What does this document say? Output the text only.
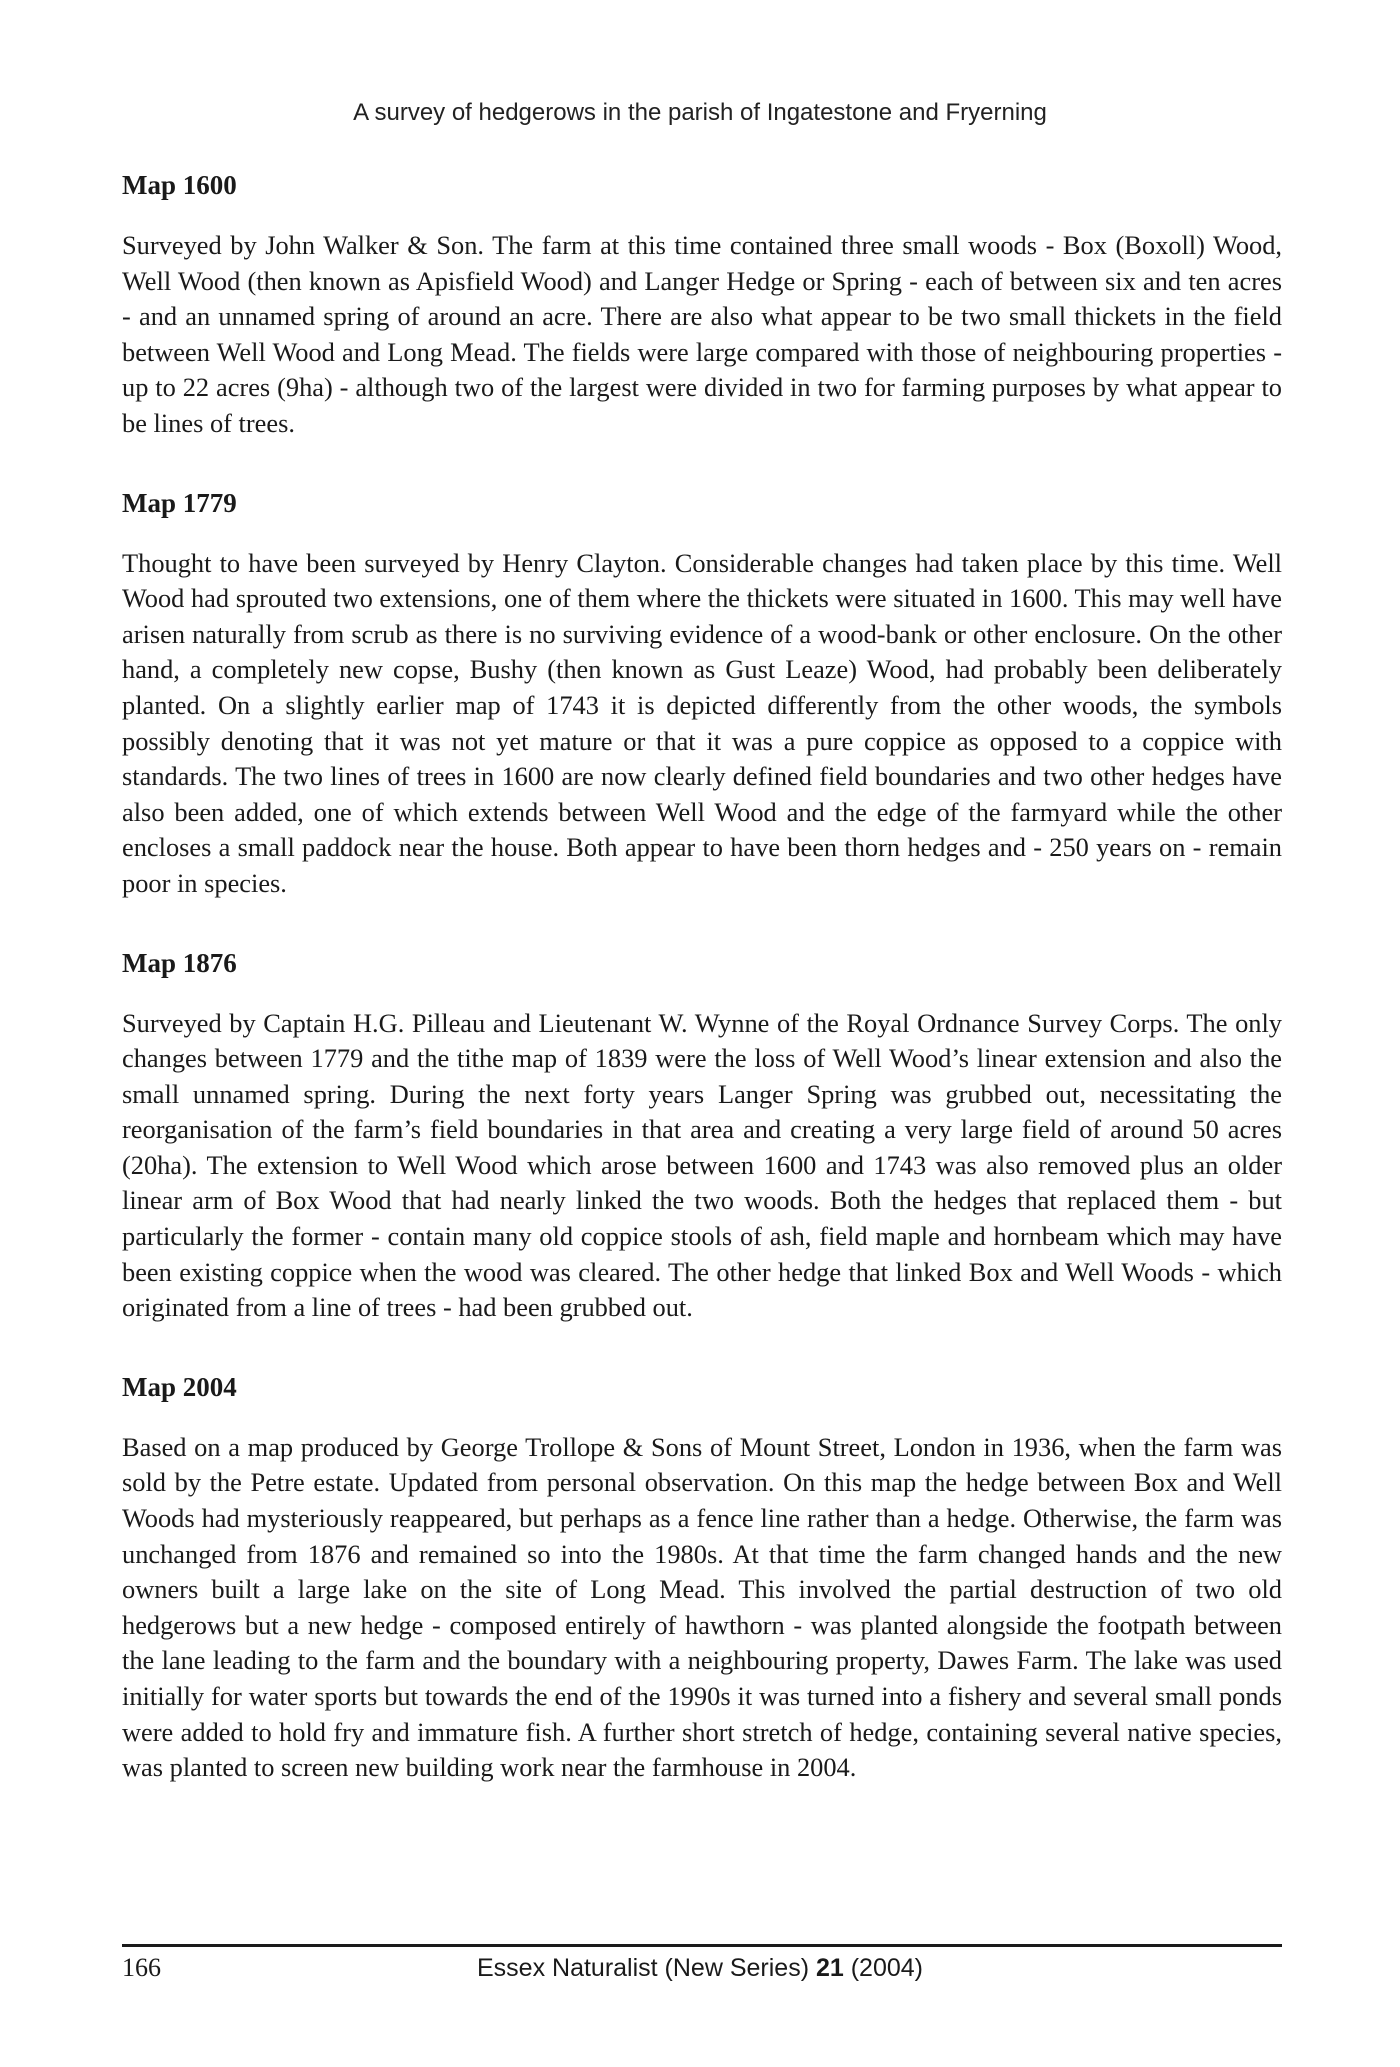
A survey of hedgerows in the parish of Ingatestone and Fryerning
Map 1600

Surveyed by John Walker & Son. The farm at this time contained three small woods - Box (Boxoll) Wood, Well Wood (then known as Apisfield Wood) and Langer Hedge or Spring - each of between six and ten acres - and an unnamed spring of around an acre. There are also what appear to be two small thickets in the field between Well Wood and Long Mead. The fields were large compared with those of neighbouring properties - up to 22 acres (9ha) - although two of the largest were divided in two for farming purposes by what appear to be lines of trees.

Map 1779

Thought to have been surveyed by Henry Clayton. Considerable changes had taken place by this time. Well Wood had sprouted two extensions, one of them where the thickets were situated in 1600. This may well have arisen naturally from scrub as there is no surviving evidence of a wood-bank or other enclosure. On the other hand, a completely new copse, Bushy (then known as Gust Leaze) Wood, had probably been deliberately planted. On a slightly earlier map of 1743 it is depicted differently from the other woods, the symbols possibly denoting that it was not yet mature or that it was a pure coppice as opposed to a coppice with standards. The two lines of trees in 1600 are now clearly defined field boundaries and two other hedges have also been added, one of which extends between Well Wood and the edge of the farmyard while the other encloses a small paddock near the house. Both appear to have been thorn hedges and - 250 years on - remain poor in species.

Map 1876

Surveyed by Captain H.G. Pilleau and Lieutenant W. Wynne of the Royal Ordnance Survey Corps. The only changes between 1779 and the tithe map of 1839 were the loss of Well Wood’s linear extension and also the small unnamed spring. During the next forty years Langer Spring was grubbed out, necessitating the reorganisation of the farm’s field boundaries in that area and creating a very large field of around 50 acres (20ha). The extension to Well Wood which arose between 1600 and 1743 was also removed plus an older linear arm of Box Wood that had nearly linked the two woods. Both the hedges that replaced them - but particularly the former - contain many old coppice stools of ash, field maple and hornbeam which may have been existing coppice when the wood was cleared. The other hedge that linked Box and Well Woods - which originated from a line of trees - had been grubbed out.

Map 2004

Based on a map produced by George Trollope & Sons of Mount Street, London in 1936, when the farm was sold by the Petre estate. Updated from personal observation. On this map the hedge between Box and Well Woods had mysteriously reappeared, but perhaps as a fence line rather than a hedge. Otherwise, the farm was unchanged from 1876 and remained so into the 1980s. At that time the farm changed hands and the new owners built a large lake on the site of Long Mead. This involved the partial destruction of two old hedgerows but a new hedge - composed entirely of hawthorn - was planted alongside the footpath between the lane leading to the farm and the boundary with a neighbouring property, Dawes Farm. The lake was used initially for water sports but towards the end of the 1990s it was turned into a fishery and several small ponds were added to hold fry and immature fish. A further short stretch of hedge, containing several native species, was planted to screen new building work near the farmhouse in 2004.

166	Essex Naturalist (New Series) 21 (2004)
